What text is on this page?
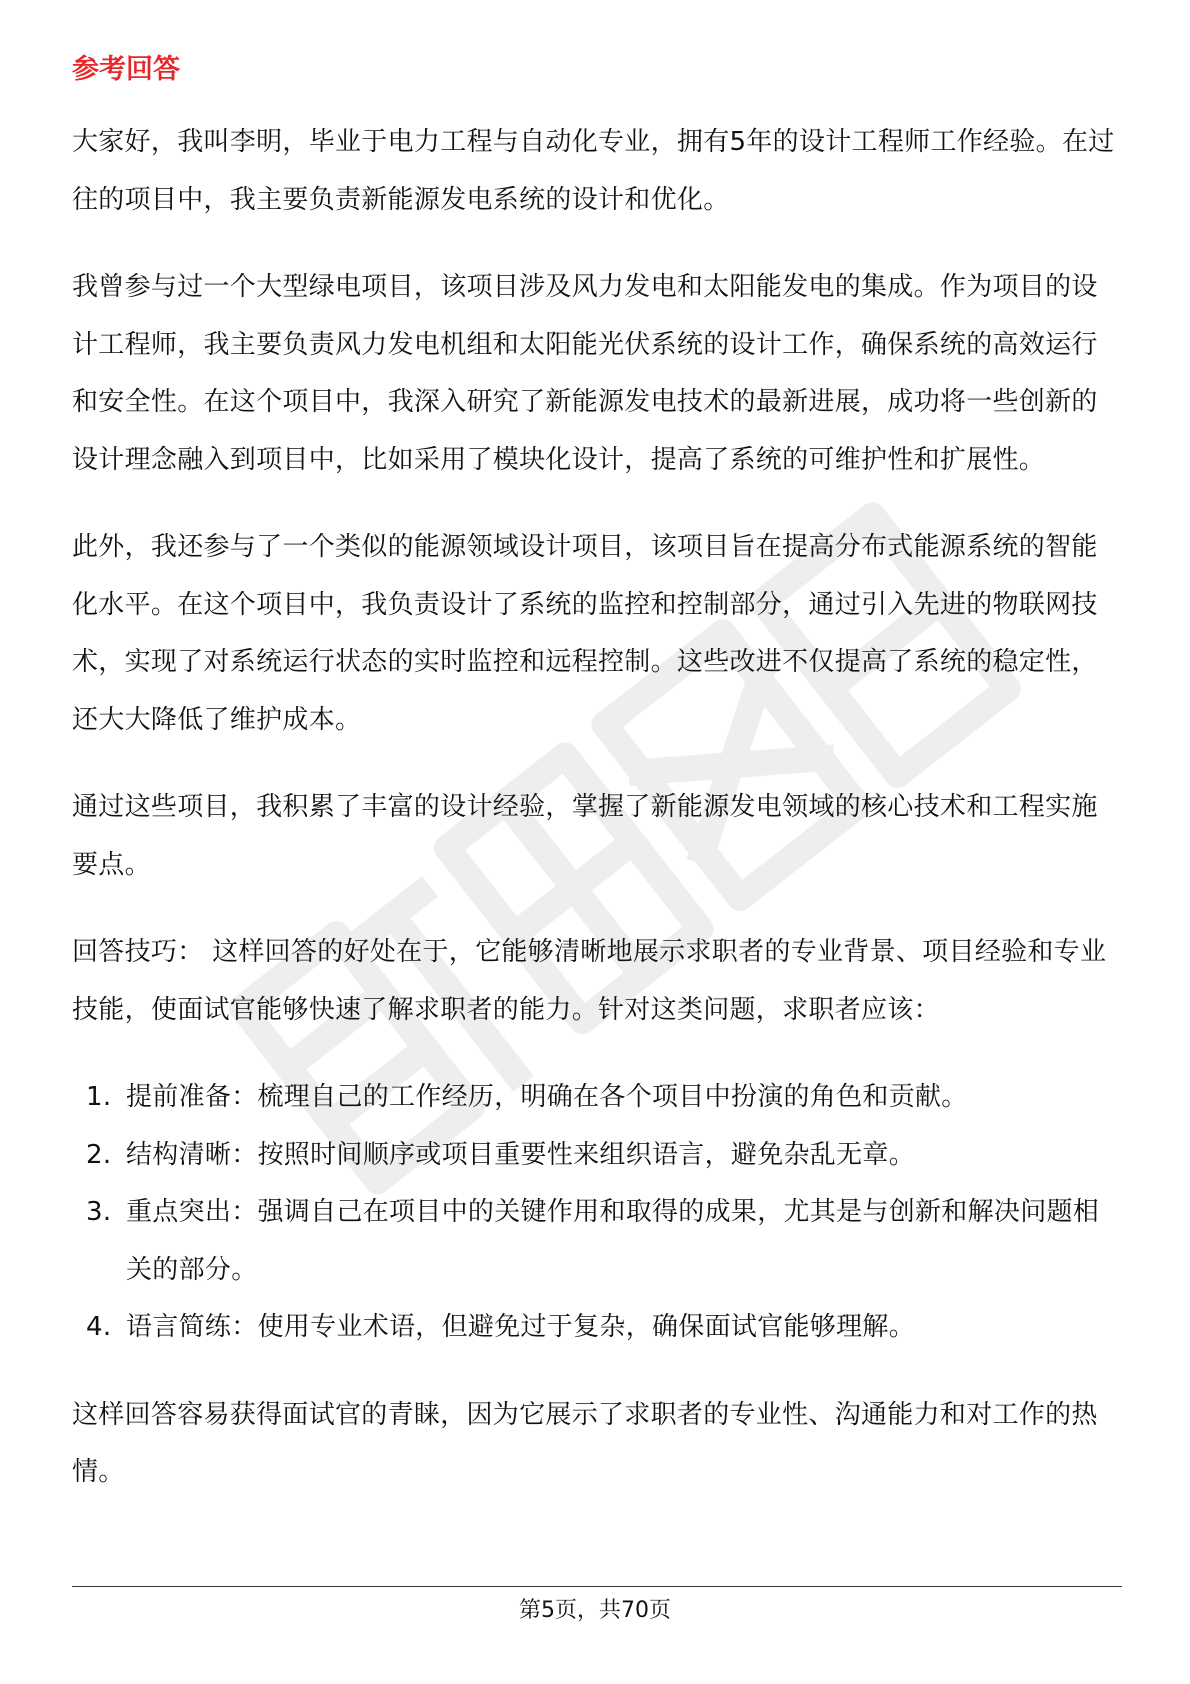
参考回答

大家好，我叫李明，毕业于电力工程与自动化专业，拥有5年的设计工程师工作经验。在过往的项目中，我主要负责新能源发电系统的设计和优化。

我曾参与过一个大型绿电项目，该项目涉及风力发电和太阳能发电的集成。作为项目的设计工程师，我主要负责风力发电机组和太阳能光伏系统的设计工作，确保系统的高效运行和安全性。在这个项目中，我深入研究了新能源发电技术的最新进展，成功将一些创新的设计理念融入到项目中，比如采用了模块化设计，提高了系统的可维护性和扩展性。

此外，我还参与了一个类似的能源领域设计项目，该项目旨在提高分布式能源系统的智能化水平。在这个项目中，我负责设计了系统的监控和控制部分，通过引入先进的物联网技术，实现了对系统运行状态的实时监控和远程控制。这些改进不仅提高了系统的稳定性，还大大降低了维护成本。

通过这些项目，我积累了丰富的设计经验，掌握了新能源发电领域的核心技术和工程实施要点。

回答技巧： 这样回答的好处在于，它能够清晰地展示求职者的专业背景、项目经验和专业技能，使面试官能够快速了解求职者的能力。针对这类问题，求职者应该：

1. 提前准备：梳理自己的工作经历，明确在各个项目中扮演的角色和贡献。
2. 结构清晰：按照时间顺序或项目重要性来组织语言，避免杂乱无章。
3. 重点突出：强调自己在项目中的关键作用和取得的成果，尤其是与创新和解决问题相关的部分。
4. 语言简练：使用专业术语，但避免过于复杂，确保面试官能够理解。

这样回答容易获得面试官的青睐，因为它展示了求职者的专业性、沟通能力和对工作的热情。

第5页，共70页
